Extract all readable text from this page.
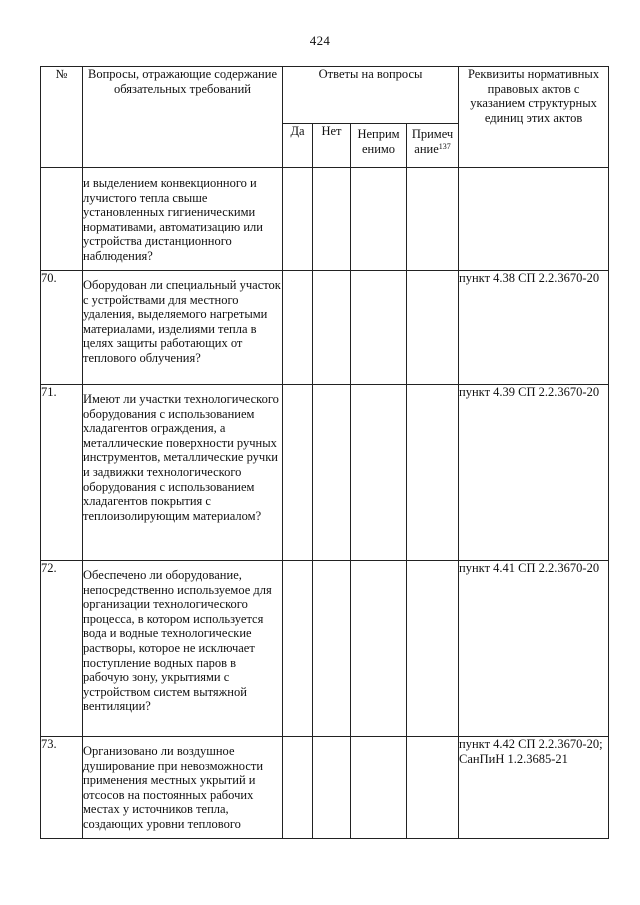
424
№	Вопросы, отражающие содержание обязательных требований	Ответы на вопросы				Реквизиты нормативных правовых актов с указанием структурных единиц этих актов
		Да	Нет	Неприм енимо	Примеч ание$^{137}$
	и выделением конвекционного и лучистого тепла свыше установленных гигиеническими нормативами, автоматизацию или устройства дистанционного наблюдения?					
70.	Оборудован ли специальный участок с устройствами для местного удаления, выделяемого нагретыми материалами, изделиями тепла в целях защиты работающих от теплового облучения?					пункт 4.38 СП 2.2.3670-20
71.	Имеют ли участки технологического оборудования с использованием хладагентов ограждения, а металлические поверхности ручных инструментов, металлические ручки и задвижки технологического оборудования с использованием хладагентов покрытия с теплоизолирующим материалом?					пункт 4.39 СП 2.2.3670-20
72.	Обеспечено ли оборудование, непосредственно используемое для организации технологического процесса, в котором используется вода и водные технологические растворы, которое не исключает поступление водных паров в рабочую зону, укрытиями с устройством систем вытяжной вентиляции?					пункт 4.41 СП 2.2.3670-20
73.	Организовано ли воздушное душирование при невозможности применения местных укрытий и отсосов на постоянных рабочих местах у источников тепла, создающих уровни теплового					пункт 4.42 СП 2.2.3670-20; СанПиН 1.2.3685-21
